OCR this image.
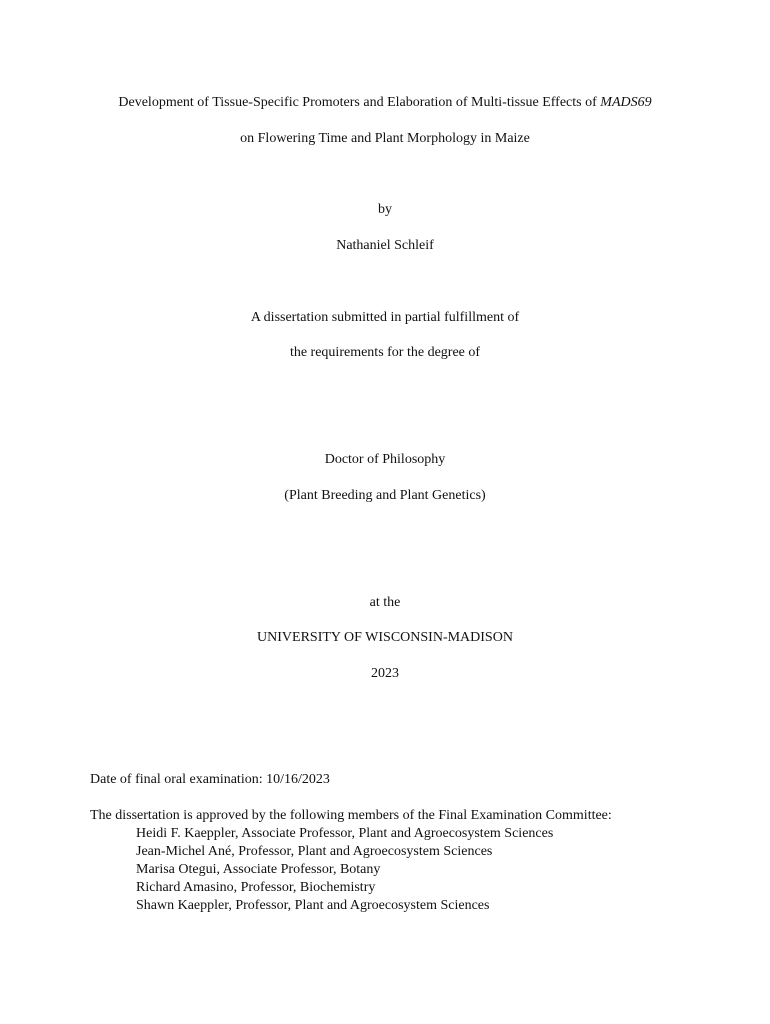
Development of Tissue-Specific Promoters and Elaboration of Multi-tissue Effects of MADS69
on Flowering Time and Plant Morphology in Maize
by
Nathaniel Schleif
A dissertation submitted in partial fulfillment of
the requirements for the degree of
Doctor of Philosophy
(Plant Breeding and Plant Genetics)
at the
UNIVERSITY OF WISCONSIN-MADISON
2023
Date of final oral examination: 10/16/2023
The dissertation is approved by the following members of the Final Examination Committee:
Heidi F. Kaeppler, Associate Professor, Plant and Agroecosystem Sciences
Jean-Michel Ané, Professor, Plant and Agroecosystem Sciences
Marisa Otegui, Associate Professor, Botany
Richard Amasino, Professor, Biochemistry
Shawn Kaeppler, Professor, Plant and Agroecosystem Sciences
